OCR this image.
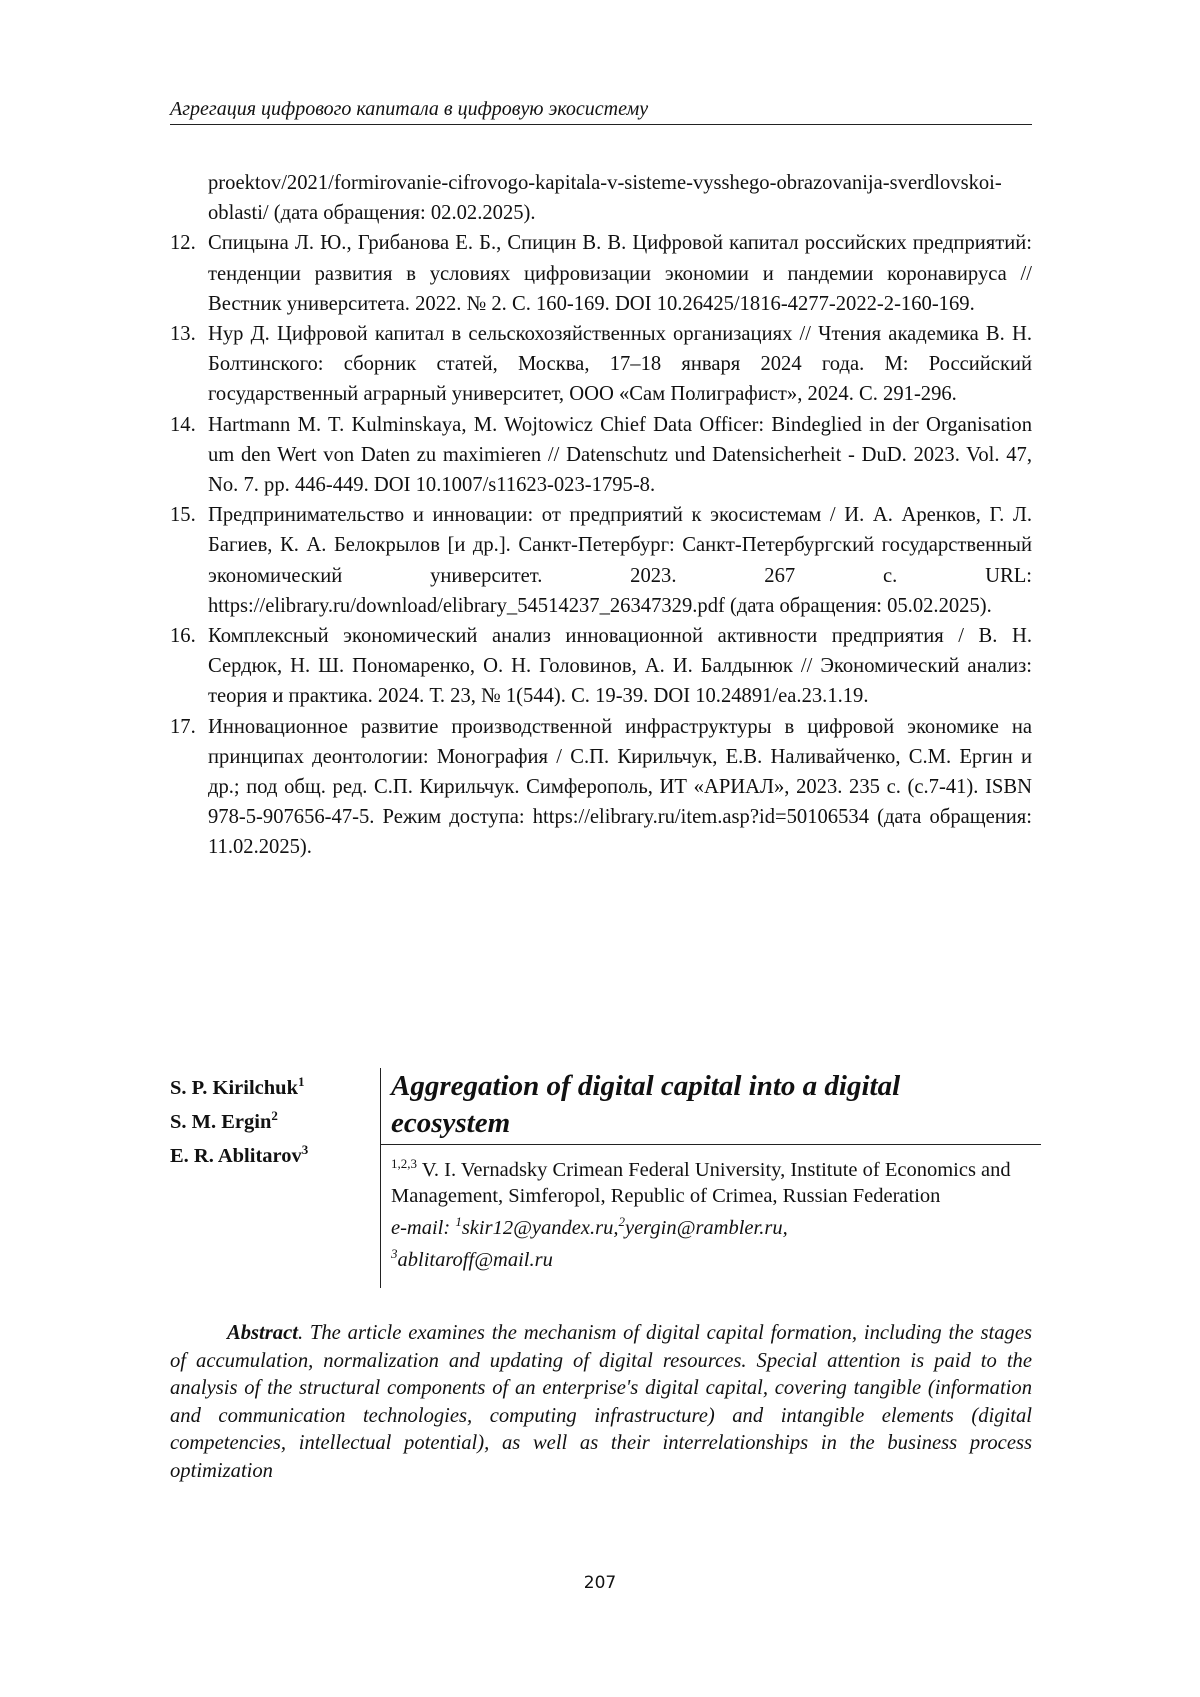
Агрегация цифрового капитала в цифровую экосистему
proektov/2021/formirovanie-cifrovogo-kapitala-v-sisteme-vysshego-obrazovanija-sverdlovskoi-oblasti/ (дата обращения: 02.02.2025).
12. Спицына Л. Ю., Грибанова Е. Б., Спицин В. В. Цифровой капитал российских предприятий: тенденции развития в условиях цифровизации экономии и пандемии коронавируса // Вестник университета. 2022. № 2. С. 160-169. DOI 10.26425/1816-4277-2022-2-160-169.
13. Нур Д. Цифровой капитал в сельскохозяйственных организациях // Чтения академика В. Н. Болтинского: сборник статей, Москва, 17–18 января 2024 года. М: Российский государственный аграрный университет, ООО «Сам Полиграфист», 2024. С. 291-296.
14. Hartmann M. T. Kulminskaya, M. Wojtowicz Chief Data Officer: Bindeglied in der Organisation um den Wert von Daten zu maximieren // Datenschutz und Datensicherheit - DuD. 2023. Vol. 47, No. 7. pp. 446-449. DOI 10.1007/s11623-023-1795-8.
15. Предпринимательство и инновации: от предприятий к экосистемам / И. А. Аренков, Г. Л. Багиев, К. А. Белокрылов [и др.]. Санкт-Петербург: Санкт-Петербургский государственный экономический университет. 2023. 267 с. URL: https://elibrary.ru/download/elibrary_54514237_26347329.pdf (дата обращения: 05.02.2025).
16. Комплексный экономический анализ инновационной активности предприятия / В. Н. Сердюк, Н. Ш. Пономаренко, О. Н. Головинов, А. И. Балдынюк // Экономический анализ: теория и практика. 2024. Т. 23, № 1(544). С. 19-39. DOI 10.24891/ea.23.1.19.
17. Инновационное развитие производственной инфраструктуры в цифровой экономике на принципах деонтологии: Монография / С.П. Кирильчук, Е.В. Наливайченко, С.М. Ергин и др.; под общ. ред. С.П. Кирильчук. Симферополь, ИТ «АРИАЛ», 2023. 235 с. (с.7-41). ISBN 978-5-907656-47-5. Режим доступа: https://elibrary.ru/item.asp?id=50106534 (дата обращения: 11.02.2025).
S. P. Kirilchuk$^1$
S. M. Ergin$^2$
E. R. Ablitarov$^3$
Aggregation of digital capital into a digital ecosystem
$^{1,2,3}$ V. I. Vernadsky Crimean Federal University, Institute of Economics and Management, Simferopol, Republic of Crimea, Russian Federation
e-mail: $^1$skir12@yandex.ru,$^2$yergin@rambler.ru,
$^3$ablitaroff@mail.ru
Abstract. The article examines the mechanism of digital capital formation, including the stages of accumulation, normalization and updating of digital resources. Special attention is paid to the analysis of the structural components of an enterprise's digital capital, covering tangible (information and communication technologies, computing infrastructure) and intangible elements (digital competencies, intellectual potential), as well as their interrelationships in the business process optimization
207
